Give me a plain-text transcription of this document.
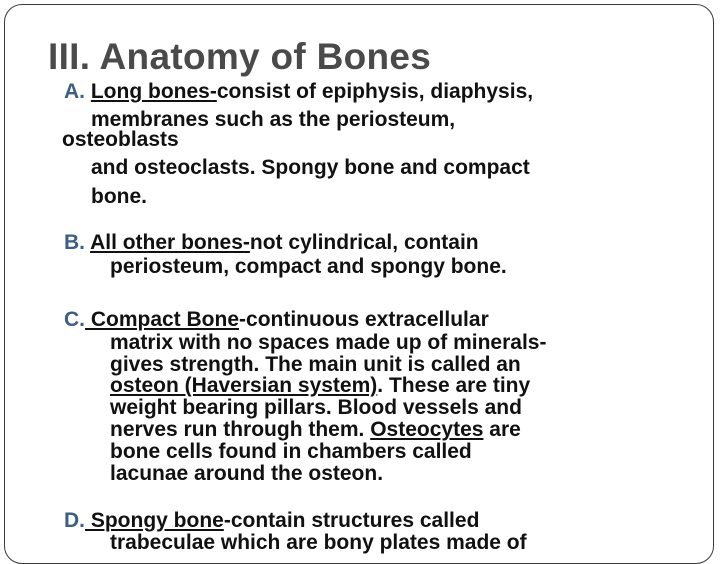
III. Anatomy of Bones
A. Long bones-consist of epiphysis, diaphysis,
membranes such as the periosteum,
osteoblasts
and osteoclasts. Spongy bone and compact
bone.
B. All other bones-not cylindrical, contain
periosteum, compact and spongy bone.
C. Compact Bone-continuous extracellular
matrix with no spaces made up of minerals-
gives strength. The main unit is called an
osteon (Haversian system). These are tiny
weight bearing pillars. Blood vessels and
nerves run through them. Osteocytes are
bone cells found in chambers called
lacunae around the osteon.
D. Spongy bone-contain structures called
trabeculae which are bony plates made of
